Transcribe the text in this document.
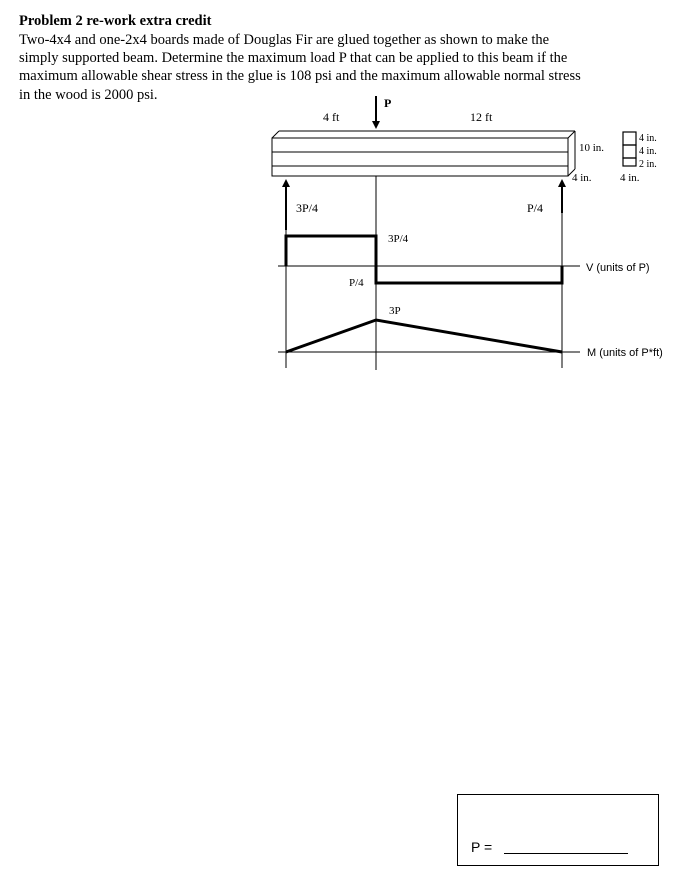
Problem 2 re-work extra credit
Two-4x4 and one-2x4 boards made of Douglas Fir are glued together as shown to make the
simply supported beam. Determine the maximum load P that can be applied to this beam if the
maximum allowable shear stress in the glue is 108 psi and the maximum allowable normal stress
in the wood is 2000 psi.
P
4 ft	12 ft
3P/4	P/4
10 in.
4 in.
4 in.
4 in.
2 in.
4 in.
3P/4
P/4
V (units of P)
3P
M (units of P*ft)
P =
